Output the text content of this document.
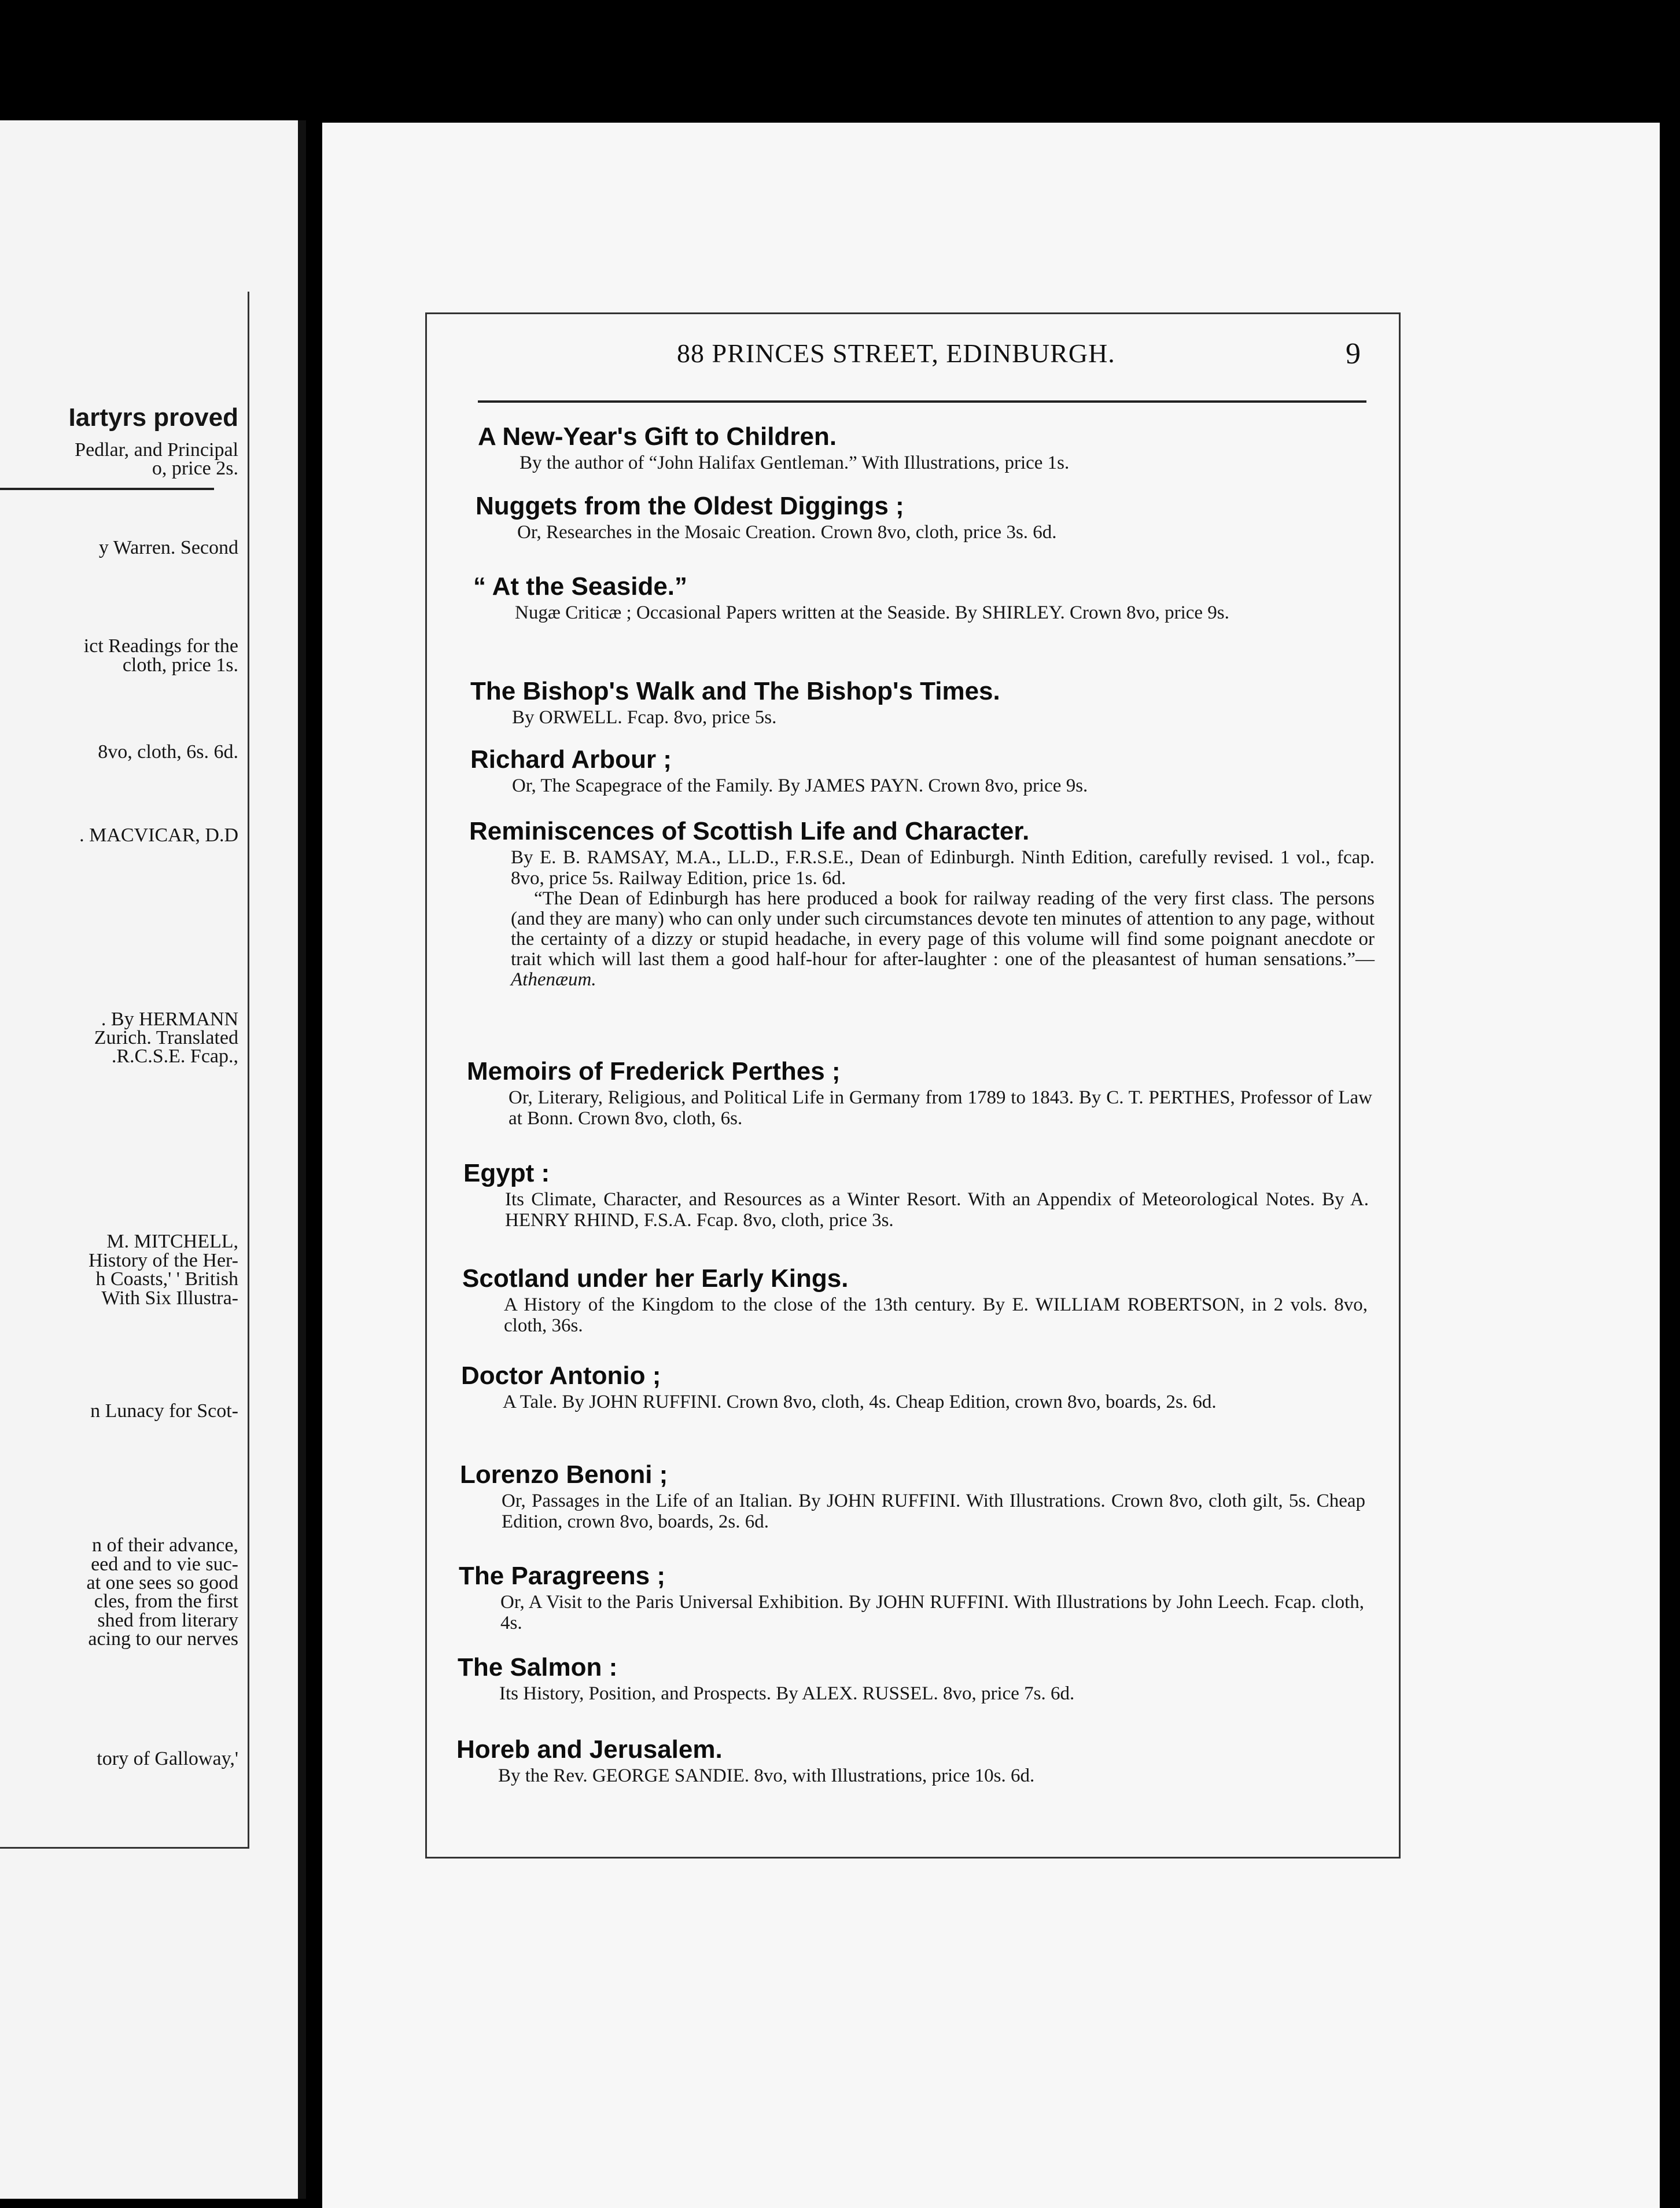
Iartyrs proved
Pedlar, and Principal
o, price 2s.
y Warren. Second
ict Readings for the
cloth, price 1s.
8vo, cloth, 6s. 6d.
. MACVICAR, D.D
. By HERMANN
Zurich. Translated
.R.C.S.E. Fcap.,
M. MITCHELL,
History of the Her-
h Coasts,' ' British
With Six Illustra-
n Lunacy for Scot-
n of their advance,
eed and to vie suc-
at one sees so good
cles, from the first
shed from literary
acing to our nerves
tory of Galloway,'
88 PRINCES STREET, EDINBURGH.	9
A New-Year's Gift to Children.
By the author of “John Halifax Gentleman.” With Illustrations, price 1s.
Nuggets from the Oldest Diggings ;
Or, Researches in the Mosaic Creation. Crown 8vo, cloth, price 3s. 6d.
“ At the Seaside.”
Nugæ Criticæ ; Occasional Papers written at the Seaside. By SHIRLEY. Crown 8vo, price 9s.
The Bishop's Walk and The Bishop's Times.
By ORWELL. Fcap. 8vo, price 5s.
Richard Arbour ;
Or, The Scapegrace of the Family. By JAMES PAYN. Crown 8vo, price 9s.
Reminiscences of Scottish Life and Character.
By E. B. RAMSAY, M.A., LL.D., F.R.S.E., Dean of Edinburgh. Ninth Edition, carefully revised. 1 vol., fcap. 8vo, price 5s. Railway Edition, price 1s. 6d.
“The Dean of Edinburgh has here produced a book for railway reading of the very first class. The persons (and they are many) who can only under such circumstances devote ten minutes of attention to any page, without the certainty of a dizzy or stupid headache, in every page of this volume will find some poignant anecdote or trait which will last them a good half-hour for after-laughter : one of the pleasantest of human sensations.”—Athenæum.
Memoirs of Frederick Perthes ;
Or, Literary, Religious, and Political Life in Germany from 1789 to 1843. By C. T. PERTHES, Professor of Law at Bonn. Crown 8vo, cloth, 6s.
Egypt :
Its Climate, Character, and Resources as a Winter Resort. With an Appendix of Meteorological Notes. By A. HENRY RHIND, F.S.A. Fcap. 8vo, cloth, price 3s.
Scotland under her Early Kings.
A History of the Kingdom to the close of the 13th century. By E. WILLIAM ROBERTSON, in 2 vols. 8vo, cloth, 36s.
Doctor Antonio ;
A Tale. By JOHN RUFFINI. Crown 8vo, cloth, 4s. Cheap Edition, crown 8vo, boards, 2s. 6d.
Lorenzo Benoni ;
Or, Passages in the Life of an Italian. By JOHN RUFFINI. With Illustrations. Crown 8vo, cloth gilt, 5s. Cheap Edition, crown 8vo, boards, 2s. 6d.
The Paragreens ;
Or, A Visit to the Paris Universal Exhibition. By JOHN RUFFINI. With Illustrations by John Leech. Fcap. cloth, 4s.
The Salmon :
Its History, Position, and Prospects. By ALEX. RUSSEL. 8vo, price 7s. 6d.
Horeb and Jerusalem.
By the Rev. GEORGE SANDIE. 8vo, with Illustrations, price 10s. 6d.
